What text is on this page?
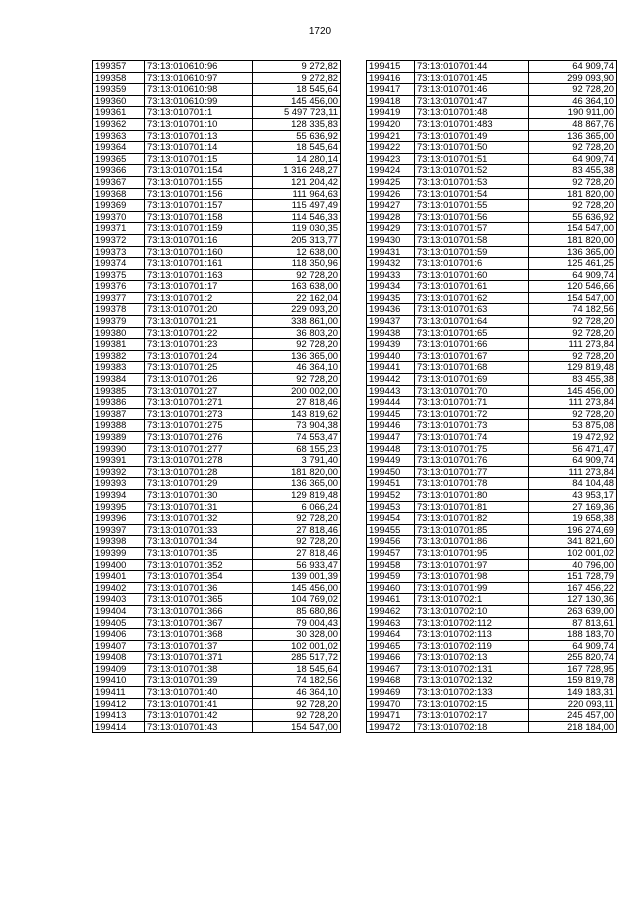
1720
199357	73:13:010610:96	9 272,82
199358	73:13:010610:97	9 272,82
199359	73:13:010610:98	18 545,64
199360	73:13:010610:99	145 456,00
199361	73:13:010701:1	5 497 723,11
199362	73:13:010701:10	128 335,83
199363	73:13:010701:13	55 636,92
199364	73:13:010701:14	18 545,64
199365	73:13:010701:15	14 280,14
199366	73:13:010701:154	1 316 248,27
199367	73:13:010701:155	121 204,42
199368	73:13:010701:156	111 964,63
199369	73:13:010701:157	115 497,49
199370	73:13:010701:158	114 546,33
199371	73:13:010701:159	119 030,35
199372	73:13:010701:16	205 313,77
199373	73:13:010701:160	12 638,00
199374	73:13:010701:161	118 350,96
199375	73:13:010701:163	92 728,20
199376	73:13:010701:17	163 638,00
199377	73:13:010701:2	22 162,04
199378	73:13:010701:20	229 093,20
199379	73:13:010701:21	338 861,00
199380	73:13:010701:22	36 803,20
199381	73:13:010701:23	92 728,20
199382	73:13:010701:24	136 365,00
199383	73:13:010701:25	46 364,10
199384	73:13:010701:26	92 728,20
199385	73:13:010701:27	200 002,00
199386	73:13:010701:271	27 818,46
199387	73:13:010701:273	143 819,62
199388	73:13:010701:275	73 904,38
199389	73:13:010701:276	74 553,47
199390	73:13:010701:277	68 155,23
199391	73:13:010701:278	3 791,40
199392	73:13:010701:28	181 820,00
199393	73:13:010701:29	136 365,00
199394	73:13:010701:30	129 819,48
199395	73:13:010701:31	6 066,24
199396	73:13:010701:32	92 728,20
199397	73:13:010701:33	27 818,46
199398	73:13:010701:34	92 728,20
199399	73:13:010701:35	27 818,46
199400	73:13:010701:352	56 933,47
199401	73:13:010701:354	139 001,39
199402	73:13:010701:36	145 456,00
199403	73:13:010701:365	104 769,02
199404	73:13:010701:366	85 680,86
199405	73:13:010701:367	79 004,43
199406	73:13:010701:368	30 328,00
199407	73:13:010701:37	102 001,02
199408	73:13:010701:371	285 517,72
199409	73:13:010701:38	18 545,64
199410	73:13:010701:39	74 182,56
199411	73:13:010701:40	46 364,10
199412	73:13:010701:41	92 728,20
199413	73:13:010701:42	92 728,20
199414	73:13:010701:43	154 547,00
199415	73:13:010701:44	64 909,74
199416	73:13:010701:45	299 093,90
199417	73:13:010701:46	92 728,20
199418	73:13:010701:47	46 364,10
199419	73:13:010701:48	190 911,00
199420	73:13:010701:483	48 867,76
199421	73:13:010701:49	136 365,00
199422	73:13:010701:50	92 728,20
199423	73:13:010701:51	64 909,74
199424	73:13:010701:52	83 455,38
199425	73:13:010701:53	92 728,20
199426	73:13:010701:54	181 820,00
199427	73:13:010701:55	92 728,20
199428	73:13:010701:56	55 636,92
199429	73:13:010701:57	154 547,00
199430	73:13:010701:58	181 820,00
199431	73:13:010701:59	136 365,00
199432	73:13:010701:6	125 461,25
199433	73:13:010701:60	64 909,74
199434	73:13:010701:61	120 546,66
199435	73:13:010701:62	154 547,00
199436	73:13:010701:63	74 182,56
199437	73:13:010701:64	92 728,20
199438	73:13:010701:65	92 728,20
199439	73:13:010701:66	111 273,84
199440	73:13:010701:67	92 728,20
199441	73:13:010701:68	129 819,48
199442	73:13:010701:69	83 455,38
199443	73:13:010701:70	145 456,00
199444	73:13:010701:71	111 273,84
199445	73:13:010701:72	92 728,20
199446	73:13:010701:73	53 875,08
199447	73:13:010701:74	19 472,92
199448	73:13:010701:75	56 471,47
199449	73:13:010701:76	64 909,74
199450	73:13:010701:77	111 273,84
199451	73:13:010701:78	84 104,48
199452	73:13:010701:80	43 953,17
199453	73:13:010701:81	27 169,36
199454	73:13:010701:82	19 658,38
199455	73:13:010701:85	196 274,69
199456	73:13:010701:86	341 821,60
199457	73:13:010701:95	102 001,02
199458	73:13:010701:97	40 796,00
199459	73:13:010701:98	151 728,79
199460	73:13:010701:99	167 456,22
199461	73:13:010702:1	127 130,36
199462	73:13:010702:10	263 639,00
199463	73:13:010702:112	87 813,61
199464	73:13:010702:113	188 183,70
199465	73:13:010702:119	64 909,74
199466	73:13:010702:13	255 820,74
199467	73:13:010702:131	167 728,95
199468	73:13:010702:132	159 819,78
199469	73:13:010702:133	149 183,31
199470	73:13:010702:15	220 093,11
199471	73:13:010702:17	245 457,00
199472	73:13:010702:18	218 184,00
